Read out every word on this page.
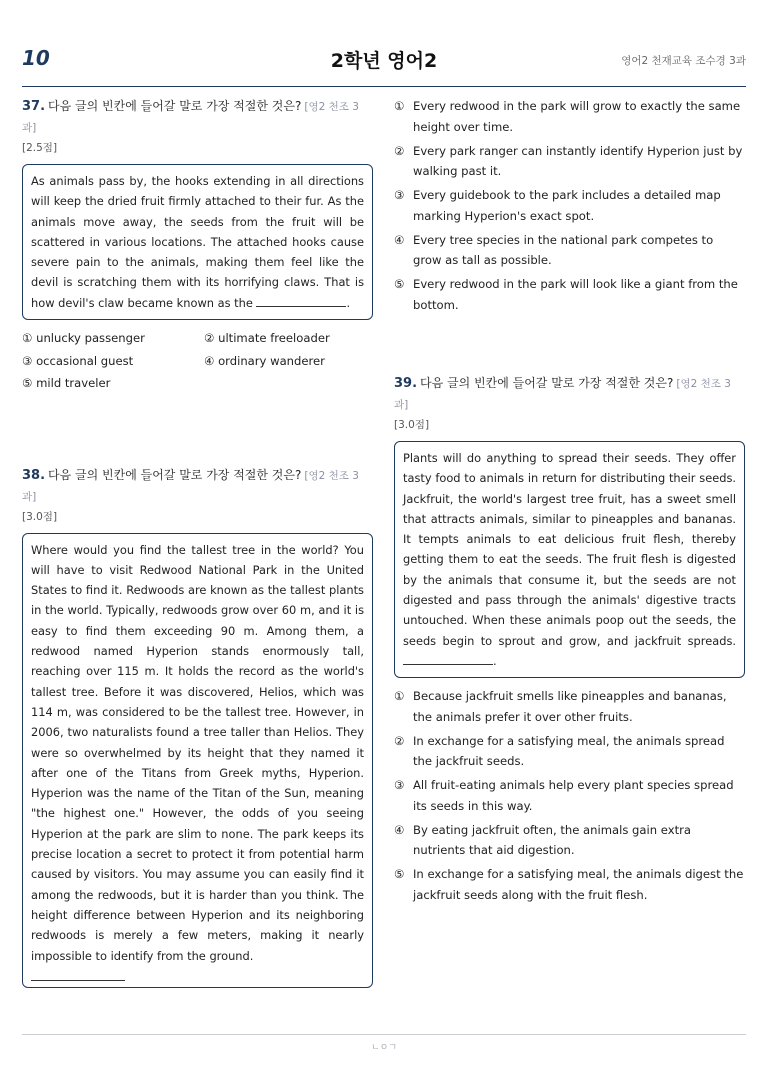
10	2학년 영어2	영어2 천재교육 조수경 3과
37. 다음 글의 빈칸에 들어갈 말로 가장 적절한 것은? [영2 천조 3과]
[2.5점]
As animals pass by, the hooks extending in all directions will keep the dried fruit firmly attached to their fur. As the animals move away, the seeds from the fruit will be scattered in various locations. The attached hooks cause severe pain to the animals, making them feel like the devil is scratching them with its horrifying claws. That is how devil's claw became known as the	.
① unlucky passenger	② ultimate freeloader
③ occasional guest	④ ordinary wanderer
⑤ mild traveler
38. 다음 글의 빈칸에 들어갈 말로 가장 적절한 것은? [영2 천조 3과]
[3.0점]
Where would you find the tallest tree in the world? You will have to visit Redwood National Park in the United States to find it. Redwoods are known as the tallest plants in the world. Typically, redwoods grow over 60 m, and it is easy to find them exceeding 90 m. Among them, a redwood named Hyperion stands enormously tall, reaching over 115 m. It holds the record as the world's tallest tree. Before it was discovered, Helios, which was 114 m, was considered to be the tallest tree. However, in 2006, two naturalists found a tree taller than Helios. They were so overwhelmed by its height that they named it after one of the Titans from Greek myths, Hyperion. Hyperion was the name of the Titan of the Sun, meaning "the highest one." However, the odds of you seeing Hyperion at the park are slim to none. The park keeps its precise location a secret to protect it from potential harm caused by visitors. You may assume you can easily find it among the redwoods, but it is harder than you think. The height difference between Hyperion and its neighboring redwoods is merely a few meters, making it nearly impossible to identify from the ground.
① Every redwood in the park will grow to exactly the same height over time.
② Every park ranger can instantly identify Hyperion just by walking past it.
③ Every guidebook to the park includes a detailed map marking Hyperion's exact spot.
④ Every tree species in the national park competes to grow as tall as possible.
⑤ Every redwood in the park will look like a giant from the bottom.
39. 다음 글의 빈칸에 들어갈 말로 가장 적절한 것은? [영2 천조 3과]
[3.0점]
Plants will do anything to spread their seeds. They offer tasty food to animals in return for distributing their seeds. Jackfruit, the world's largest tree fruit, has a sweet smell that attracts animals, similar to pineapples and bananas. It tempts animals to eat delicious fruit flesh, thereby getting them to eat the seeds. The fruit flesh is digested by the animals that consume it, but the seeds are not digested and pass through the animals' digestive tracts untouched. When these animals poop out the seeds, the seeds begin to sprout and grow, and jackfruit spreads. .
① Because jackfruit smells like pineapples and bananas, the animals prefer it over other fruits.
② In exchange for a satisfying meal, the animals spread the jackfruit seeds.
③ All fruit-eating animals help every plant species spread its seeds in this way.
④ By eating jackfruit often, the animals gain extra nutrients that aid digestion.
⑤ In exchange for a satisfying meal, the animals digest the jackfruit seeds along with the fruit flesh.
ㄴㅇㄱ
